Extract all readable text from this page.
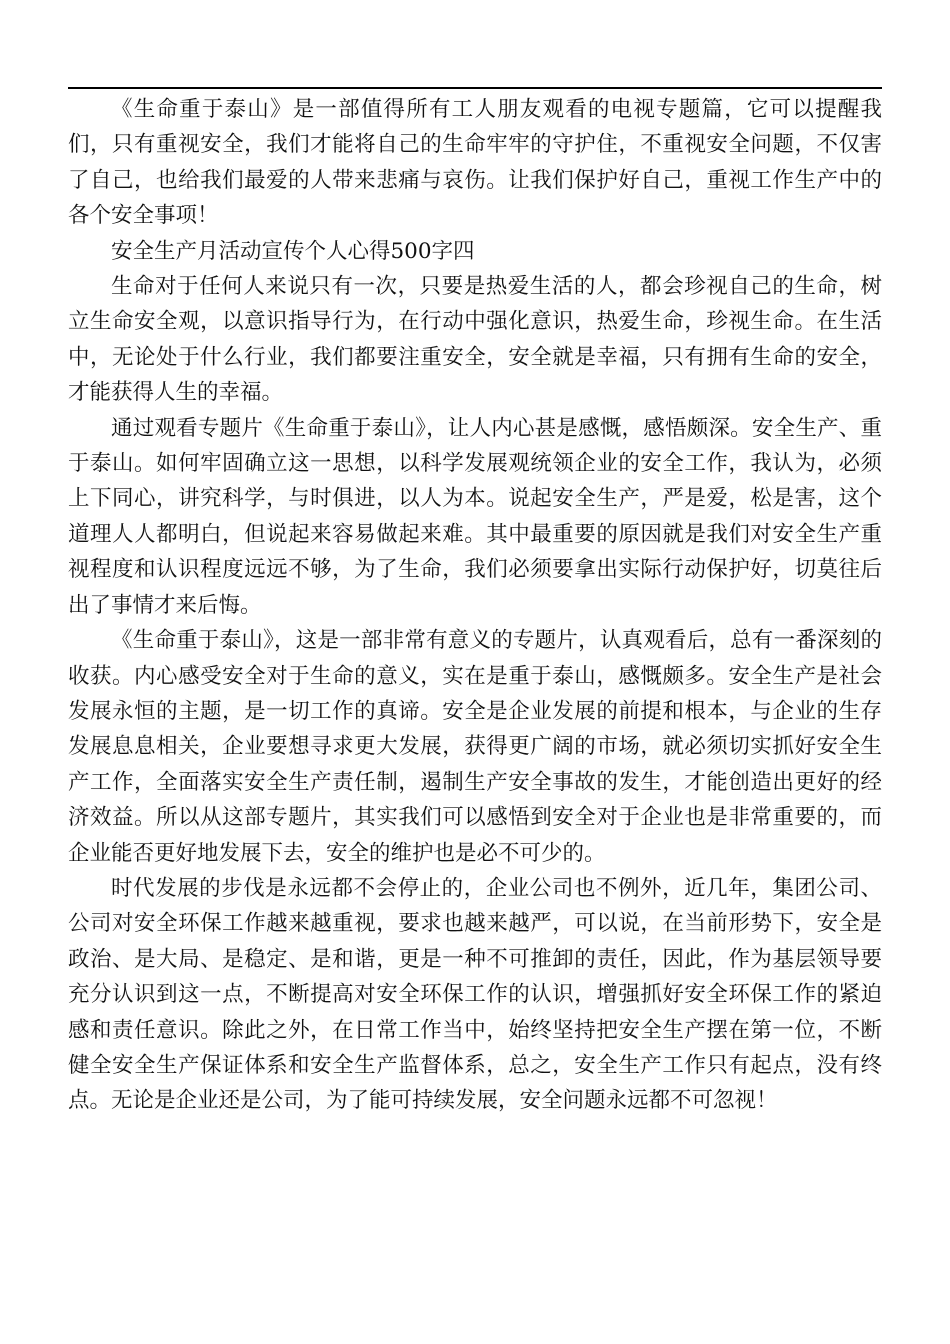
《生命重于泰山》是一部值得所有工人朋友观看的电视专题篇，它可以提醒我们，只有重视安全，我们才能将自己的生命牢牢的守护住，不重视安全问题，不仅害了自己，也给我们最爱的人带来悲痛与哀伤。让我们保护好自己，重视工作生产中的各个安全事项！

安全生产月活动宣传个人心得500字四

生命对于任何人来说只有一次，只要是热爱生活的人，都会珍视自己的生命，树立生命安全观，以意识指导行为，在行动中强化意识，热爱生命，珍视生命。在生活中，无论处于什么行业，我们都要注重安全，安全就是幸福，只有拥有生命的安全，才能获得人生的幸福。

通过观看专题片《生命重于泰山》，让人内心甚是感慨，感悟颇深。安全生产、重于泰山。如何牢固确立这一思想，以科学发展观统领企业的安全工作，我认为，必须上下同心，讲究科学，与时俱进，以人为本。说起安全生产，严是爱，松是害，这个道理人人都明白，但说起来容易做起来难。其中最重要的原因就是我们对安全生产重视程度和认识程度远远不够，为了生命，我们必须要拿出实际行动保护好，切莫往后出了事情才来后悔。

《生命重于泰山》，这是一部非常有意义的专题片，认真观看后，总有一番深刻的收获。内心感受安全对于生命的意义，实在是重于泰山，感慨颇多。安全生产是社会发展永恒的主题，是一切工作的真谛。安全是企业发展的前提和根本，与企业的生存发展息息相关，企业要想寻求更大发展，获得更广阔的市场，就必须切实抓好安全生产工作，全面落实安全生产责任制，遏制生产安全事故的发生，才能创造出更好的经济效益。所以从这部专题片，其实我们可以感悟到安全对于企业也是非常重要的，而企业能否更好地发展下去，安全的维护也是必不可少的。

时代发展的步伐是永远都不会停止的，企业公司也不例外，近几年，集团公司、公司对安全环保工作越来越重视，要求也越来越严，可以说，在当前形势下，安全是政治、是大局、是稳定、是和谐，更是一种不可推卸的责任，因此，作为基层领导要充分认识到这一点，不断提高对安全环保工作的认识，增强抓好安全环保工作的紧迫感和责任意识。除此之外，在日常工作当中，始终坚持把安全生产摆在第一位，不断健全安全生产保证体系和安全生产监督体系，总之，安全生产工作只有起点，没有终点。无论是企业还是公司，为了能可持续发展，安全问题永远都不可忽视！
